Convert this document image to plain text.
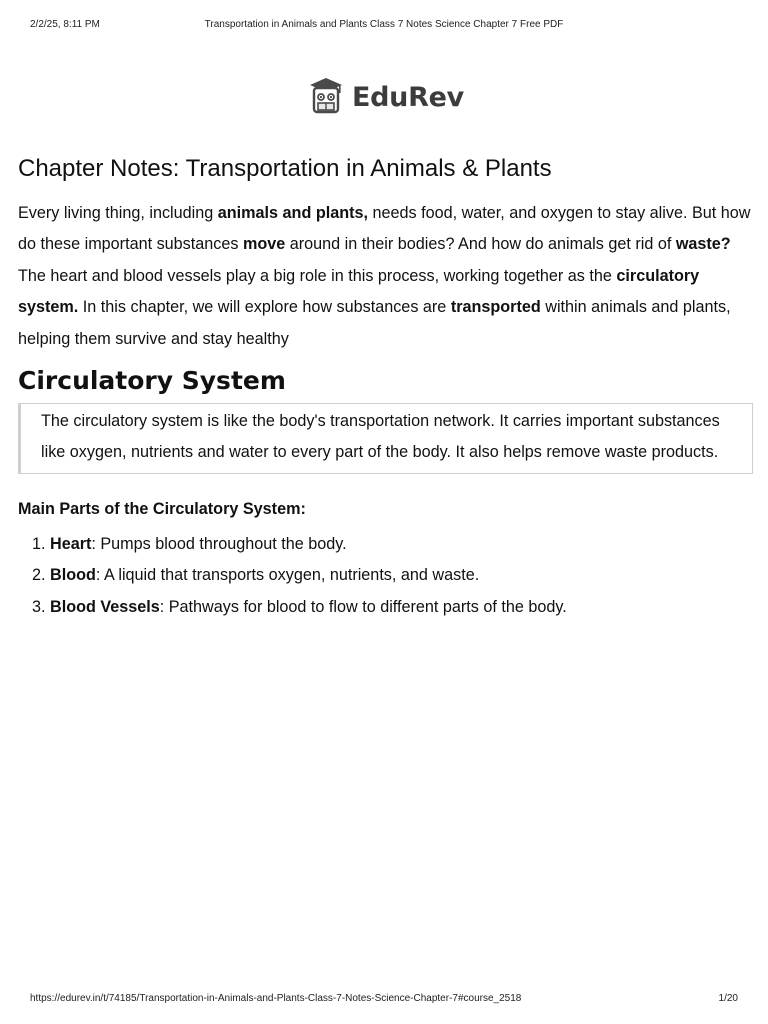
2/2/25, 8:11 PM	Transportation in Animals and Plants Class 7 Notes Science Chapter 7 Free PDF
EduRev
Chapter Notes: Transportation in Animals & Plants

Every living thing, including animals and plants, needs food, water, and oxygen to stay alive. But how do these important substances move around in their bodies? And how do animals get rid of waste? The heart and blood vessels play a big role in this process, working together as the circulatory system. In this chapter, we will explore how substances are transported within animals and plants, helping them survive and stay healthy

Circulatory System
The circulatory system is like the body's transportation network. It carries important substances like oxygen, nutrients and water to every part of the body. It also helps remove waste products.
Main Parts of the Circulatory System:
1. Heart: Pumps blood throughout the body.
2. Blood: A liquid that transports oxygen, nutrients, and waste.
3. Blood Vessels: Pathways for blood to flow to different parts of the body.
https://edurev.in/t/74185/Transportation-in-Animals-and-Plants-Class-7-Notes-Science-Chapter-7#course_2518	1/20
